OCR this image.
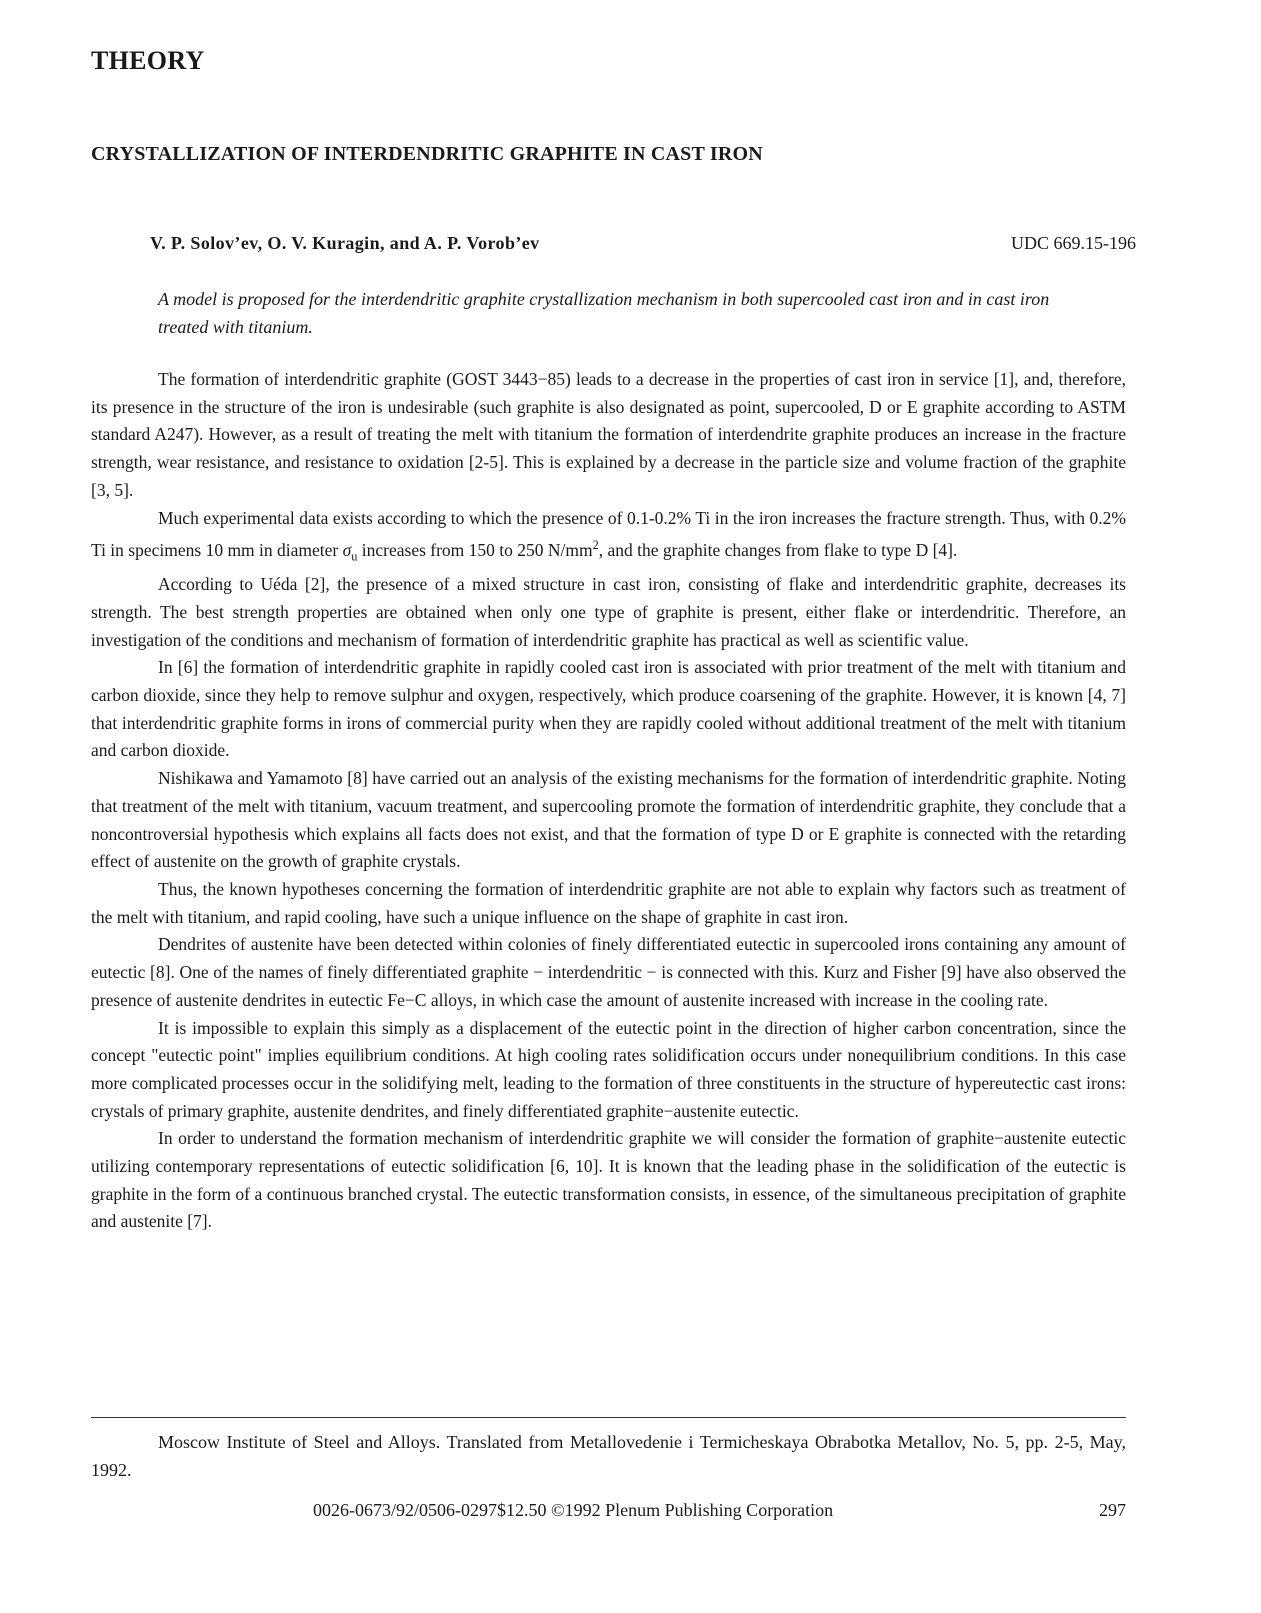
THEORY
CRYSTALLIZATION OF INTERDENDRITIC GRAPHITE IN CAST IRON
V. P. Solov’ev, O. V. Kuragin, and A. P. Vorob’ev	UDC 669.15-196
A model is proposed for the interdendritic graphite crystallization mechanism in both supercooled cast iron and in cast iron treated with titanium.

The formation of interdendritic graphite (GOST 3443−85) leads to a decrease in the properties of cast iron in service [1], and, therefore, its presence in the structure of the iron is undesirable (such graphite is also designated as point, supercooled, D or E graphite according to ASTM standard A247). However, as a result of treating the melt with titanium the formation of interdendrite graphite produces an increase in the fracture strength, wear resistance, and resistance to oxidation [2-5]. This is explained by a decrease in the particle size and volume fraction of the graphite [3, 5].

Much experimental data exists according to which the presence of 0.1-0.2% Ti in the iron increases the fracture strength. Thus, with 0.2% Ti in specimens 10 mm in diameter $\sigma_u$ increases from 150 to 250 $N/mm^2$, and the graphite changes from flake to type D [4].

According to Uéda [2], the presence of a mixed structure in cast iron, consisting of flake and interdendritic graphite, decreases its strength. The best strength properties are obtained when only one type of graphite is present, either flake or interdendritic. Therefore, an investigation of the conditions and mechanism of formation of interdendritic graphite has practical as well as scientific value.

In [6] the formation of interdendritic graphite in rapidly cooled cast iron is associated with prior treatment of the melt with titanium and carbon dioxide, since they help to remove sulphur and oxygen, respectively, which produce coarsening of the graphite. However, it is known [4, 7] that interdendritic graphite forms in irons of commercial purity when they are rapidly cooled without additional treatment of the melt with titanium and carbon dioxide.

Nishikawa and Yamamoto [8] have carried out an analysis of the existing mechanisms for the formation of interdendritic graphite. Noting that treatment of the melt with titanium, vacuum treatment, and supercooling promote the formation of interdendritic graphite, they conclude that a noncontroversial hypothesis which explains all facts does not exist, and that the formation of type D or E graphite is connected with the retarding effect of austenite on the growth of graphite crystals.

Thus, the known hypotheses concerning the formation of interdendritic graphite are not able to explain why factors such as treatment of the melt with titanium, and rapid cooling, have such a unique influence on the shape of graphite in cast iron.

Dendrites of austenite have been detected within colonies of finely differentiated eutectic in supercooled irons containing any amount of eutectic [8]. One of the names of finely differentiated graphite − interdendritic − is connected with this. Kurz and Fisher [9] have also observed the presence of austenite dendrites in eutectic Fe−C alloys, in which case the amount of austenite increased with increase in the cooling rate.

It is impossible to explain this simply as a displacement of the eutectic point in the direction of higher carbon concentration, since the concept "eutectic point" implies equilibrium conditions. At high cooling rates solidification occurs under nonequilibrium conditions. In this case more complicated processes occur in the solidifying melt, leading to the formation of three constituents in the structure of hypereutectic cast irons: crystals of primary graphite, austenite dendrites, and finely differentiated graphite−austenite eutectic.

In order to understand the formation mechanism of interdendritic graphite we will consider the formation of graphite−austenite eutectic utilizing contemporary representations of eutectic solidification [6, 10]. It is known that the leading phase in the solidification of the eutectic is graphite in the form of a continuous branched crystal. The eutectic transformation consists, in essence, of the simultaneous precipitation of graphite and austenite [7].

Moscow Institute of Steel and Alloys. Translated from Metallovedenie i Termicheskaya Obrabotka Metallov, No. 5, pp. 2-5, May, 1992.
0026-0673/92/0506-0297$12.50 ©1992 Plenum Publishing Corporation	297
